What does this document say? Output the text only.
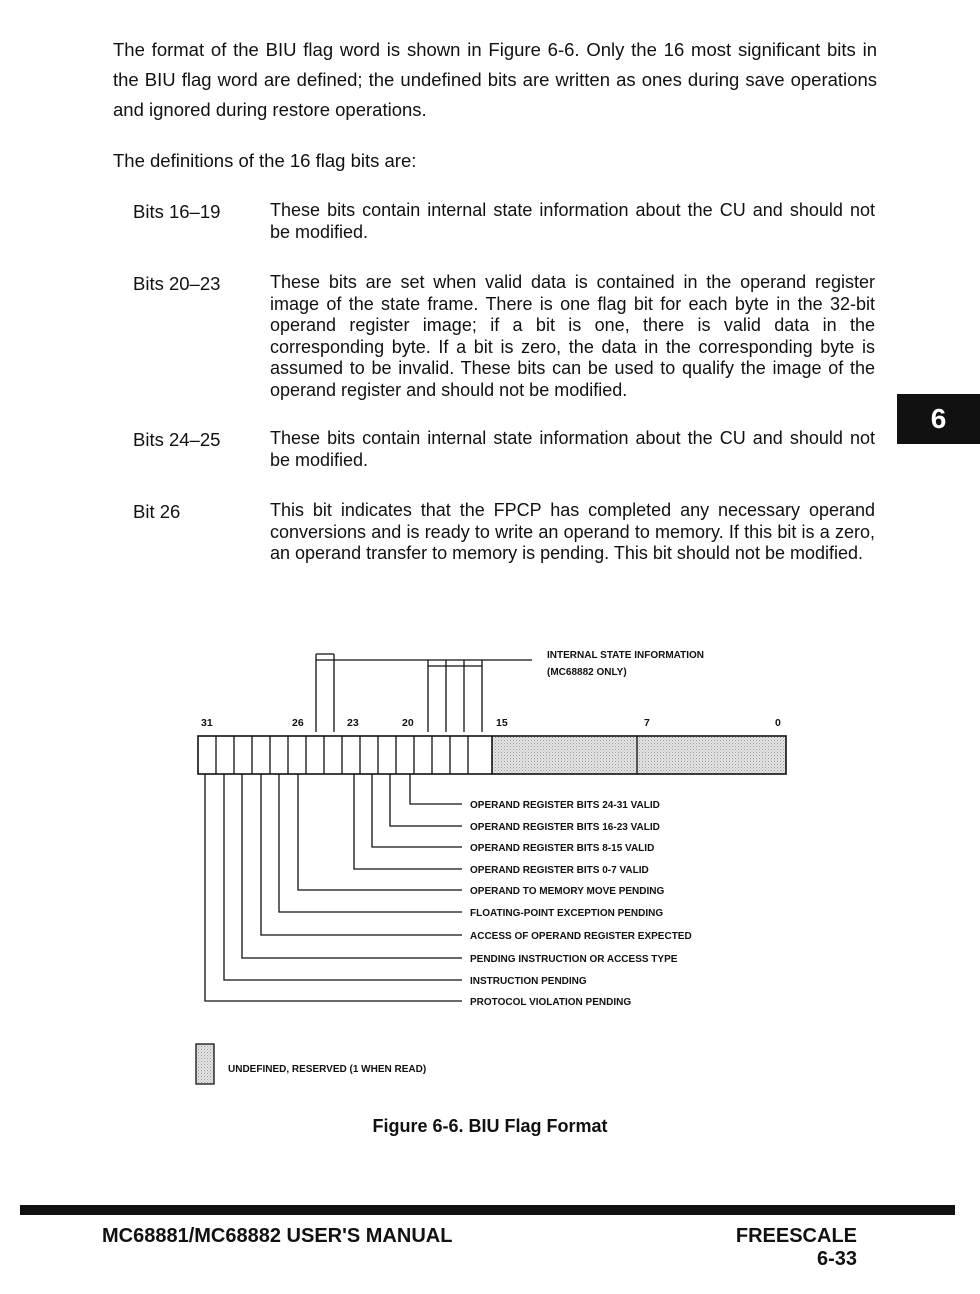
The format of the BIU flag word is shown in Figure 6-6. Only the 16 most significant bits in the BIU flag word are defined; the undefined bits are written as ones during save operations and ignored during restore operations.

The definitions of the 16 flag bits are:

Bits 16–19	These bits contain internal state information about the CU and should not be modified.

Bits 20–23	These bits are set when valid data is contained in the operand register image of the state frame. There is one flag bit for each byte in the 32-bit operand register image; if a bit is one, there is valid data in the corresponding byte. If a bit is zero, the data in the corresponding byte is assumed to be invalid. These bits can be used to qualify the image of the operand register and should not be modified.

Bits 24–25	These bits contain internal state information about the CU and should not be modified.

Bit 26	This bit indicates that the FPCP has completed any necessary operand conversions and is ready to write an operand to memory. If this bit is a zero, an operand transfer to memory is pending. This bit should not be modified.

6
INTERNAL STATE INFORMATION
(MC68882 ONLY)
31	26	23	20	15	7	0
OPERAND REGISTER BITS 24-31 VALID
OPERAND REGISTER BITS 16-23 VALID
OPERAND REGISTER BITS 8-15 VALID
OPERAND REGISTER BITS 0-7 VALID
OPERAND TO MEMORY MOVE PENDING
FLOATING-POINT EXCEPTION PENDING
ACCESS OF OPERAND REGISTER EXPECTED
PENDING INSTRUCTION OR ACCESS TYPE
INSTRUCTION PENDING
PROTOCOL VIOLATION PENDING
UNDEFINED, RESERVED (1 WHEN READ)
Figure 6-6. BIU Flag Format
MC68881/MC68882 USER'S MANUAL	FREESCALE
6-33
